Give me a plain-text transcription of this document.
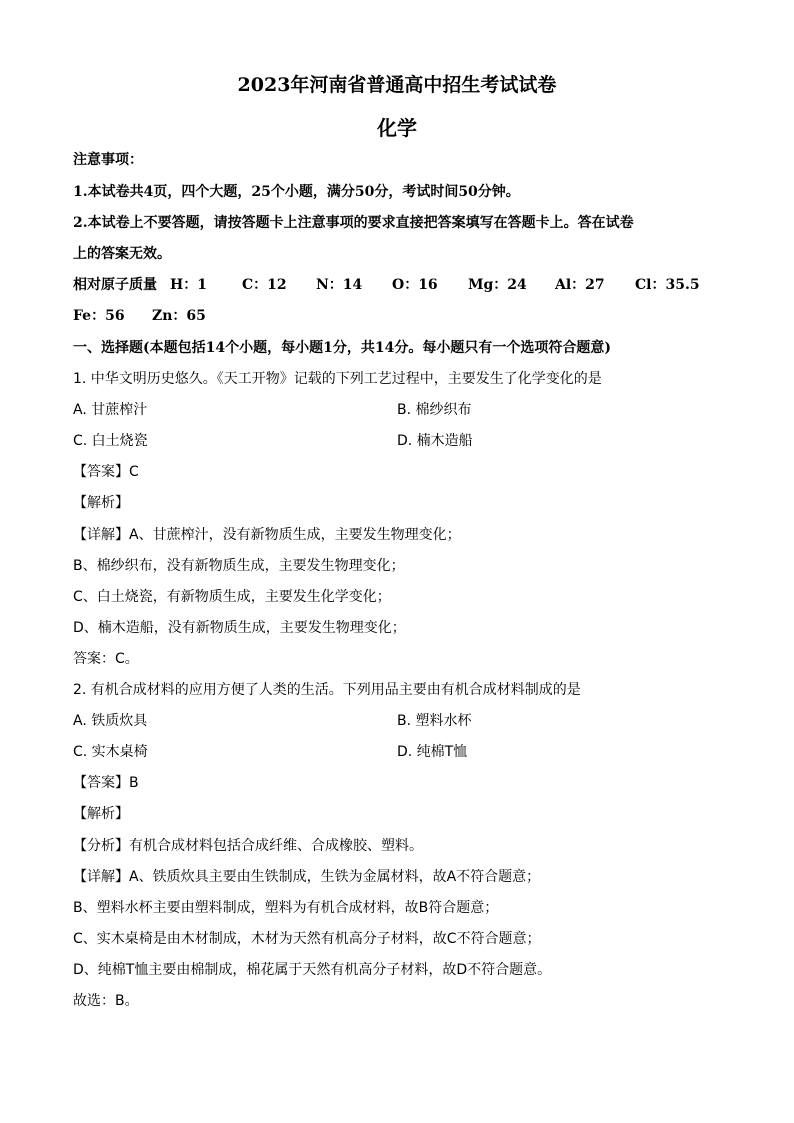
2023年河南省普通高中招生考试试卷
化学
注意事项：
1.本试卷共4页，四个大题，25个小题，满分50分，考试时间50分钟。
2.本试卷上不要答题，请按答题卡上注意事项的要求直接把答案填写在答题卡上。答在试卷
上的答案无效。
相对原子质量 H：1	C：12 N：14 O：16 Mg：24 Al：27 Cl：35.5
Fe：56 Zn：65
一、选择题(本题包括14个小题，每小题1分，共14分。每小题只有一个选项符合题意)
1. 中华文明历史悠久。《天工开物》记载的下列工艺过程中，主要发生了化学变化的是
A. 甘蔗榨汁	B. 棉纱织布
C. 白土烧瓷	D. 楠木造船
【答案】C
【解析】
【详解】A、甘蔗榨汁，没有新物质生成，主要发生物理变化；
B、棉纱织布，没有新物质生成，主要发生物理变化；
C、白土烧瓷，有新物质生成，主要发生化学变化；
D、楠木造船，没有新物质生成，主要发生物理变化；
答案：C。
2. 有机合成材料的应用方便了人类的生活。下列用品主要由有机合成材料制成的是
A. 铁质炊具	B. 塑料水杯
C. 实木桌椅	D. 纯棉T恤
【答案】B
【解析】
【分析】有机合成材料包括合成纤维、合成橡胶、塑料。
【详解】A、铁质炊具主要由生铁制成，生铁为金属材料，故A不符合题意；
B、塑料水杯主要由塑料制成，塑料为有机合成材料，故B符合题意；
C、实木桌椅是由木材制成，木材为天然有机高分子材料，故C不符合题意；
D、纯棉T恤主要由棉制成，棉花属于天然有机高分子材料，故D不符合题意。
故选：B。
